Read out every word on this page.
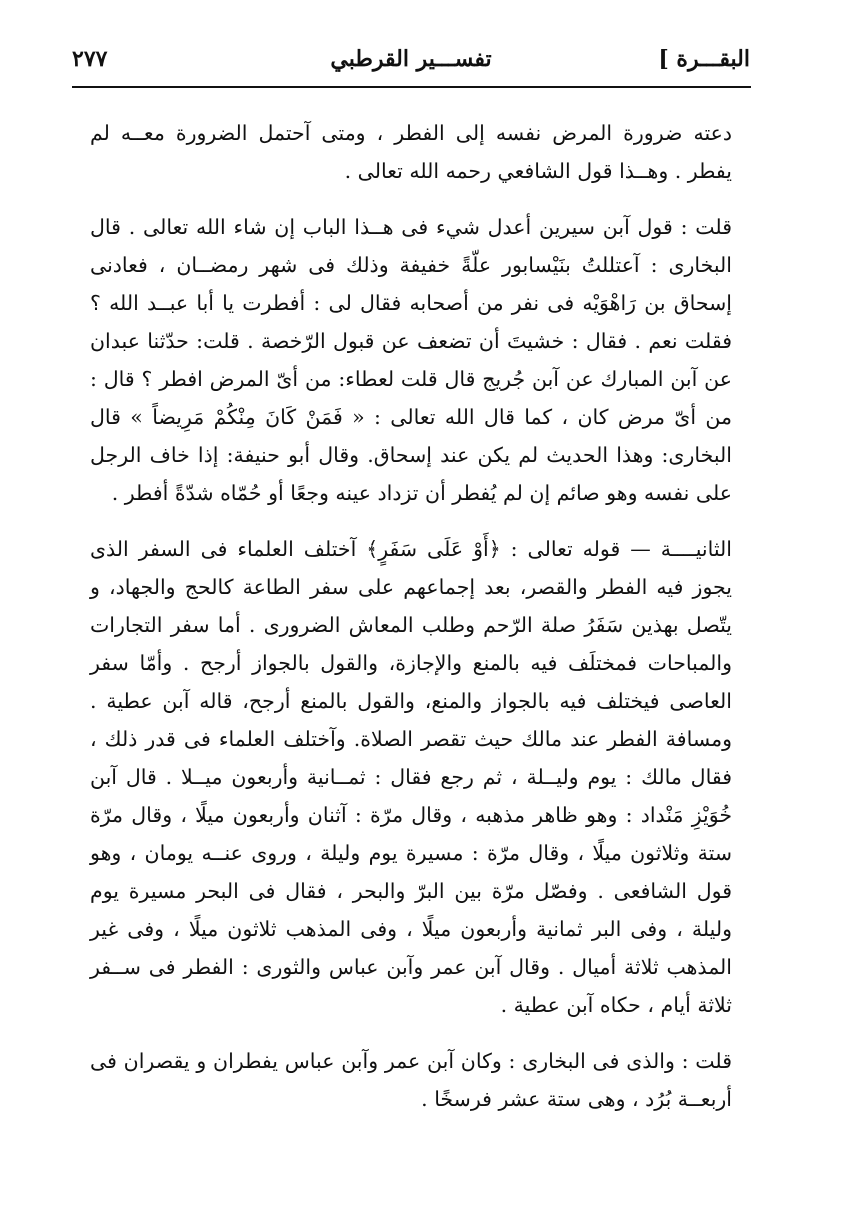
البقـــرة ]
تفســـير القرطبي
٢٧٧

دعته ضرورة المرض نفسه إلى الفطر ، ومتى آحتمل الضرورة معــه لم يفطر . وهــذا قول الشافعي رحمه الله تعالى .

قلت : قول آبن سيرين أعدل شيء فى هــذا الباب إن شاء الله تعالى . قال البخارى : آعتللتُ بنَيْسابور علّةً خفيفة وذلك فى شهر رمضــان ، فعادنى إسحاق بن رَاهْوَيْه فى نفر من أصحابه فقال لى : أفطرت يا أبا عبــد الله ؟ فقلت نعم . فقال : خشيتَ أن تضعف عن قبول الرّخصة . قلت: حدّثنا عبدان عن آبن المبارك عن آبن جُريج قال قلت لعطاء: من أىّ المرض افطر ؟ قال : من أىّ مرض كان ، كما قال الله تعالى : « فَمَنْ كَانَ مِنْكُمْ مَرِيضاً » قال البخارى: وهذا الحديث لم يكن عند إسحاق. وقال أبو حنيفة: إذا خاف الرجل على نفسه وهو صائم إن لم يُفطر أن تزداد عينه وجعًا أو حُمّاه شدّةً أفطر .

الثانيــــة — قوله تعالى : ﴿أَوْ عَلَى سَفَرٍ﴾ آختلف العلماء فى السفر الذى يجوز فيه الفطر والقصر، بعد إجماعهم على سفر الطاعة كالحج والجهاد، و يتّصل بهذين سَفَرُ صلة الرّحم وطلب المعاش الضرورى . أما سفر التجارات والمباحات فمختلَف فيه بالمنع والإجازة، والقول بالجواز أرجح . وأمّا سفر العاصى فيختلف فيه بالجواز والمنع، والقول بالمنع أرجح، قاله آبن عطية . ومسافة الفطر عند مالك حيث تقصر الصلاة. وآختلف العلماء فى قدر ذلك ، فقال مالك : يوم وليــلة ، ثم رجع فقال : ثمــانية وأربعون ميــلا . قال آبن خُوَيْزِ مَنْداد : وهو ظاهر مذهبه ، وقال مرّة : آثنان وأربعون ميلًا ، وقال مرّة ستة وثلاثون ميلًا ، وقال مرّة : مسيرة يوم وليلة ، وروى عنــه يومان ، وهو قول الشافعى . وفصّل مرّة بين البرّ والبحر ، فقال فى البحر مسيرة يوم وليلة ، وفى البر ثمانية وأربعون ميلًا ، وفى المذهب ثلاثون ميلًا ، وفى غير المذهب ثلاثة أميال . وقال آبن عمر وآبن عباس والثورى : الفطر فى ســفر ثلاثة أيام ، حكاه آبن عطية .

قلت : والذى فى البخارى : وكان آبن عمر وآبن عباس يفطران و يقصران فى أربعــة بُرُد ، وهى ستة عشر فرسخًا .
